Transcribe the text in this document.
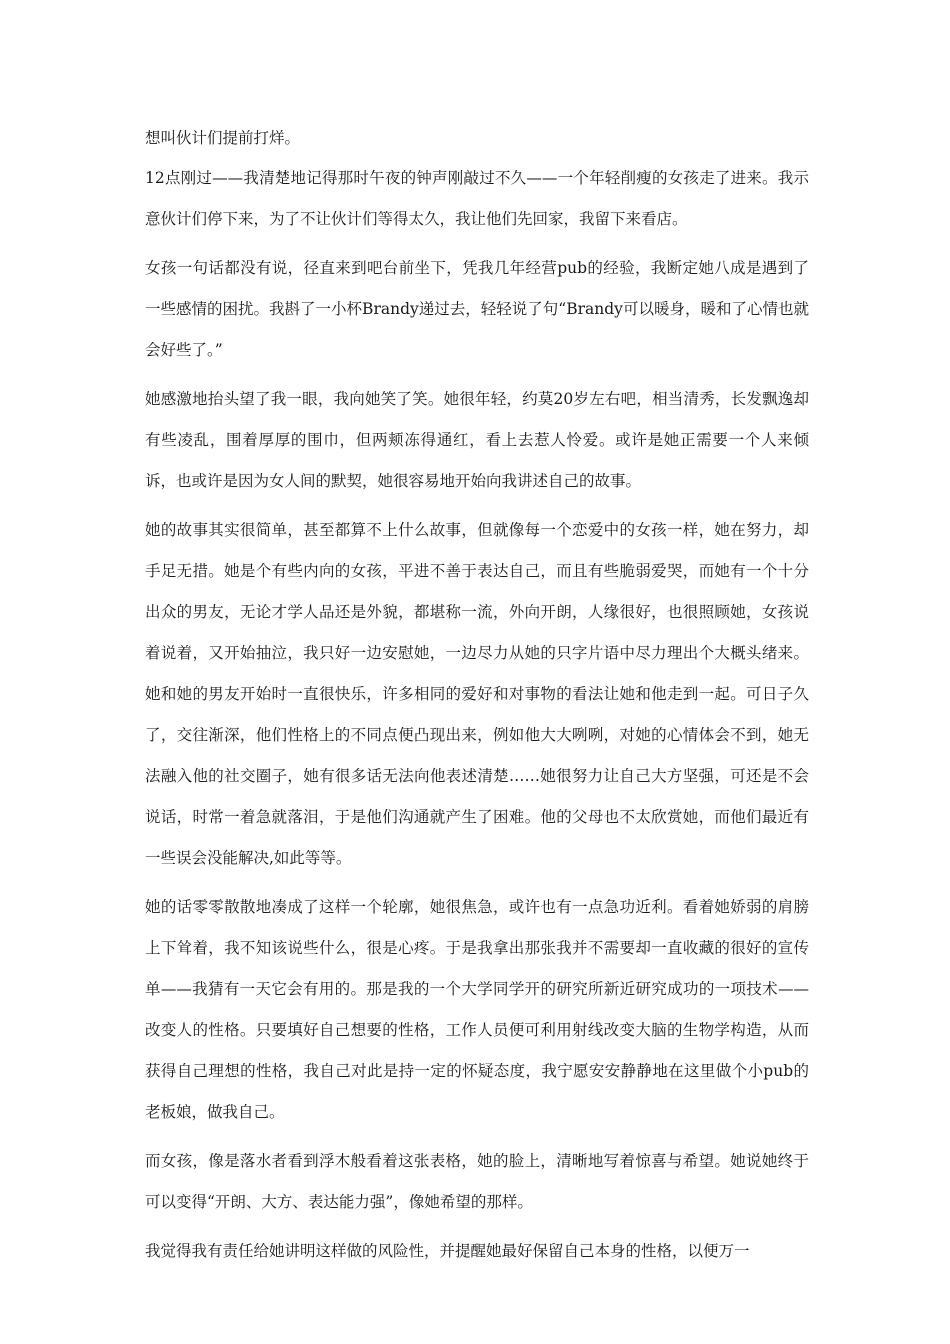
想叫伙计们提前打烊。

12点刚过——我清楚地记得那时午夜的钟声刚敲过不久——一个年轻削瘦的女孩走了进来。我示意伙计们停下来，为了不让伙计们等得太久，我让他们先回家，我留下来看店。

女孩一句话都没有说，径直来到吧台前坐下，凭我几年经营pub的经验，我断定她八成是遇到了一些感情的困扰。我斟了一小杯Brandy递过去，轻轻说了句“Brandy可以暖身，暖和了心情也就会好些了。”

她感激地抬头望了我一眼，我向她笑了笑。她很年轻，约莫20岁左右吧，相当清秀，长发飘逸却有些凌乱，围着厚厚的围巾，但两颊冻得通红，看上去惹人怜爱。或许是她正需要一个人来倾诉，也或许是因为女人间的默契，她很容易地开始向我讲述自己的故事。

她的故事其实很简单，甚至都算不上什么故事，但就像每一个恋爱中的女孩一样，她在努力，却手足无措。她是个有些内向的女孩，平进不善于表达自己，而且有些脆弱爱哭，而她有一个十分出众的男友，无论才学人品还是外貌，都堪称一流，外向开朗，人缘很好，也很照顾她，女孩说着说着，又开始抽泣，我只好一边安慰她，一边尽力从她的只字片语中尽力理出个大概头绪来。她和她的男友开始时一直很快乐，许多相同的爱好和对事物的看法让她和他走到一起。可日子久了，交往渐深，他们性格上的不同点便凸现出来，例如他大大咧咧，对她的心情体会不到，她无法融入他的社交圈子，她有很多话无法向他表述清楚……她很努力让自己大方坚强，可还是不会说话，时常一着急就落泪，于是他们沟通就产生了困难。他的父母也不太欣赏她，而他们最近有一些误会没能解决,如此等等。

她的话零零散散地凑成了这样一个轮廓，她很焦急，或许也有一点急功近利。看着她娇弱的肩膀上下耸着，我不知该说些什么，很是心疼。于是我拿出那张我并不需要却一直收藏的很好的宣传单——我猜有一天它会有用的。那是我的一个大学同学开的研究所新近研究成功的一项技术——改变人的性格。只要填好自己想要的性格，工作人员便可利用射线改变大脑的生物学构造，从而获得自己理想的性格，我自己对此是持一定的怀疑态度，我宁愿安安静静地在这里做个小pub的老板娘，做我自己。

而女孩，像是落水者看到浮木般看着这张表格，她的脸上，清晰地写着惊喜与希望。她说她终于可以变得“开朗、大方、表达能力强”，像她希望的那样。

我觉得我有责任给她讲明这样做的风险性，并提醒她最好保留自己本身的性格，以便万一
